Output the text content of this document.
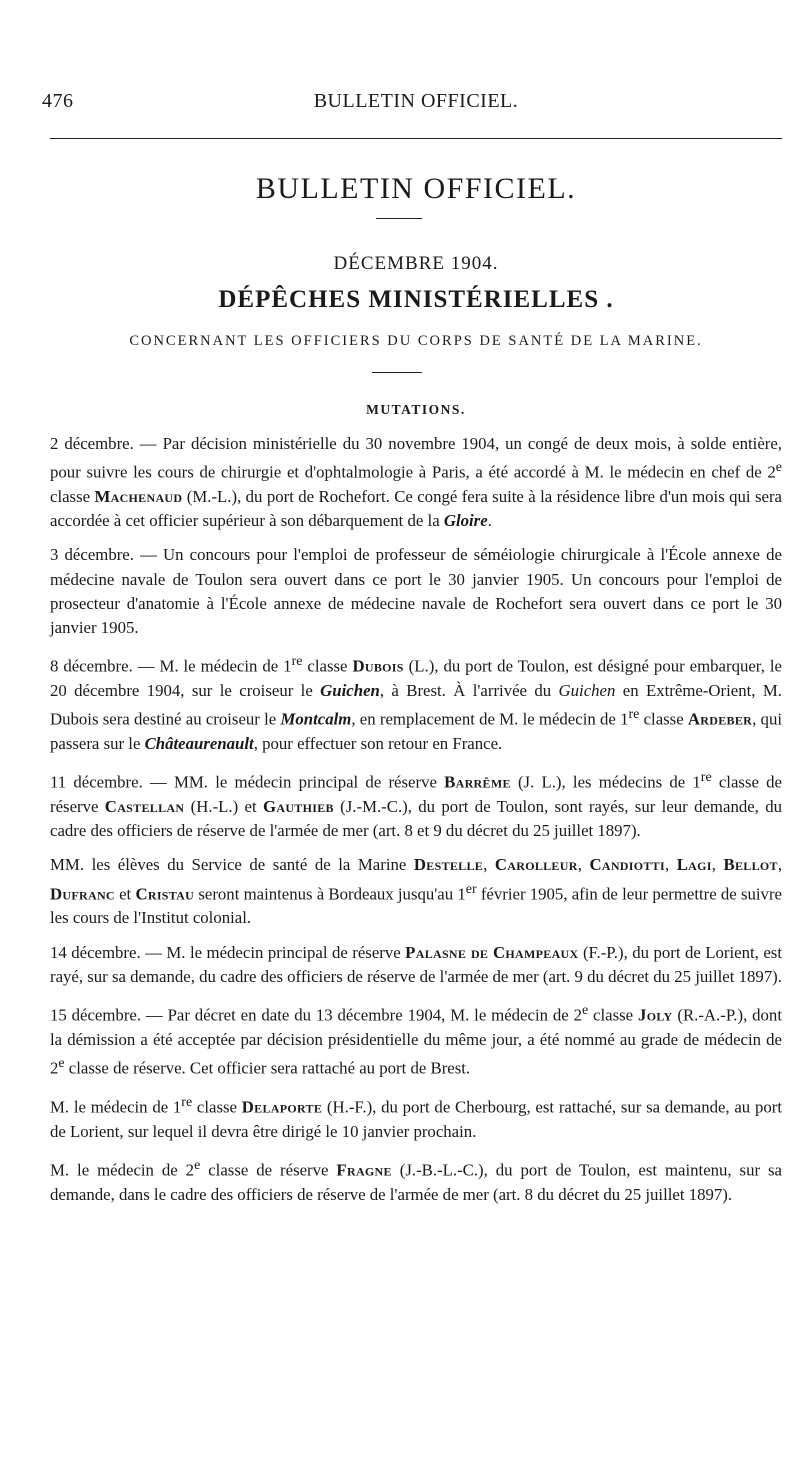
476	BULLETIN OFFICIEL.
BULLETIN OFFICIEL.
DÉCEMBRE 1904.
DÉPÊCHES MINISTÉRIELLES .
CONCERNANT LES OFFICIERS DU CORPS DE SANTÉ DE LA MARINE.
MUTATIONS.

2 décembre. — Par décision ministérielle du 30 novembre 1904, un congé de deux mois, à solde entière, pour suivre les cours de chirurgie et d'ophtalmologie à Paris, a été accordé à M. le médecin en chef de 2e classe Machenaud (M.-L.), du port de Rochefort. Ce congé fera suite à la résidence libre d'un mois qui sera accordée à cet officier supérieur à son débarquement de la Gloire.

3 décembre. — Un concours pour l'emploi de professeur de séméiologie chirurgicale à l'École annexe de médecine navale de Toulon sera ouvert dans ce port le 30 janvier 1905. Un concours pour l'emploi de prosecteur d'anatomie à l'École annexe de médecine navale de Rochefort sera ouvert dans ce port le 30 janvier 1905.

8 décembre. — M. le médecin de 1re classe Dubois (L.), du port de Toulon, est désigné pour embarquer, le 20 décembre 1904, sur le croiseur le Guichen, à Brest. À l'arrivée du Guichen en Extrême-Orient, M. Dubois sera destiné au croiseur le Montcalm, en remplacement de M. le médecin de 1re classe Ardeber, qui passera sur le Châteaurenault, pour effectuer son retour en France.

11 décembre. — MM. le médecin principal de réserve Barrême (J. L.), les médecins de 1re classe de réserve Castellan (H.-L.) et Gauthieb (J.-M.-C.), du port de Toulon, sont rayés, sur leur demande, du cadre des officiers de réserve de l'armée de mer (art. 8 et 9 du décret du 25 juillet 1897).

MM. les élèves du Service de santé de la Marine Destelle, Carolleur, Candiotti, Lagi, Bellot, Dufranc et Cristau seront maintenus à Bordeaux jusqu'au 1er février 1905, afin de leur permettre de suivre les cours de l'Institut colonial.

14 décembre. — M. le médecin principal de réserve Palasne de Champeaux (F.-P.), du port de Lorient, est rayé, sur sa demande, du cadre des officiers de réserve de l'armée de mer (art. 9 du décret du 25 juillet 1897).

15 décembre. — Par décret en date du 13 décembre 1904, M. le médecin de 2e classe Joly (R.-A.-P.), dont la démission a été acceptée par décision présidentielle du même jour, a été nommé au grade de médecin de 2e classe de réserve. Cet officier sera rattaché au port de Brest.

M. le médecin de 1re classe Delaporte (H.-F.), du port de Cherbourg, est rattaché, sur sa demande, au port de Lorient, sur lequel il devra être dirigé le 10 janvier prochain.

M. le médecin de 2e classe de réserve Fragne (J.-B.-L.-C.), du port de Toulon, est maintenu, sur sa demande, dans le cadre des officiers de réserve de l'armée de mer (art. 8 du décret du 25 juillet 1897).
